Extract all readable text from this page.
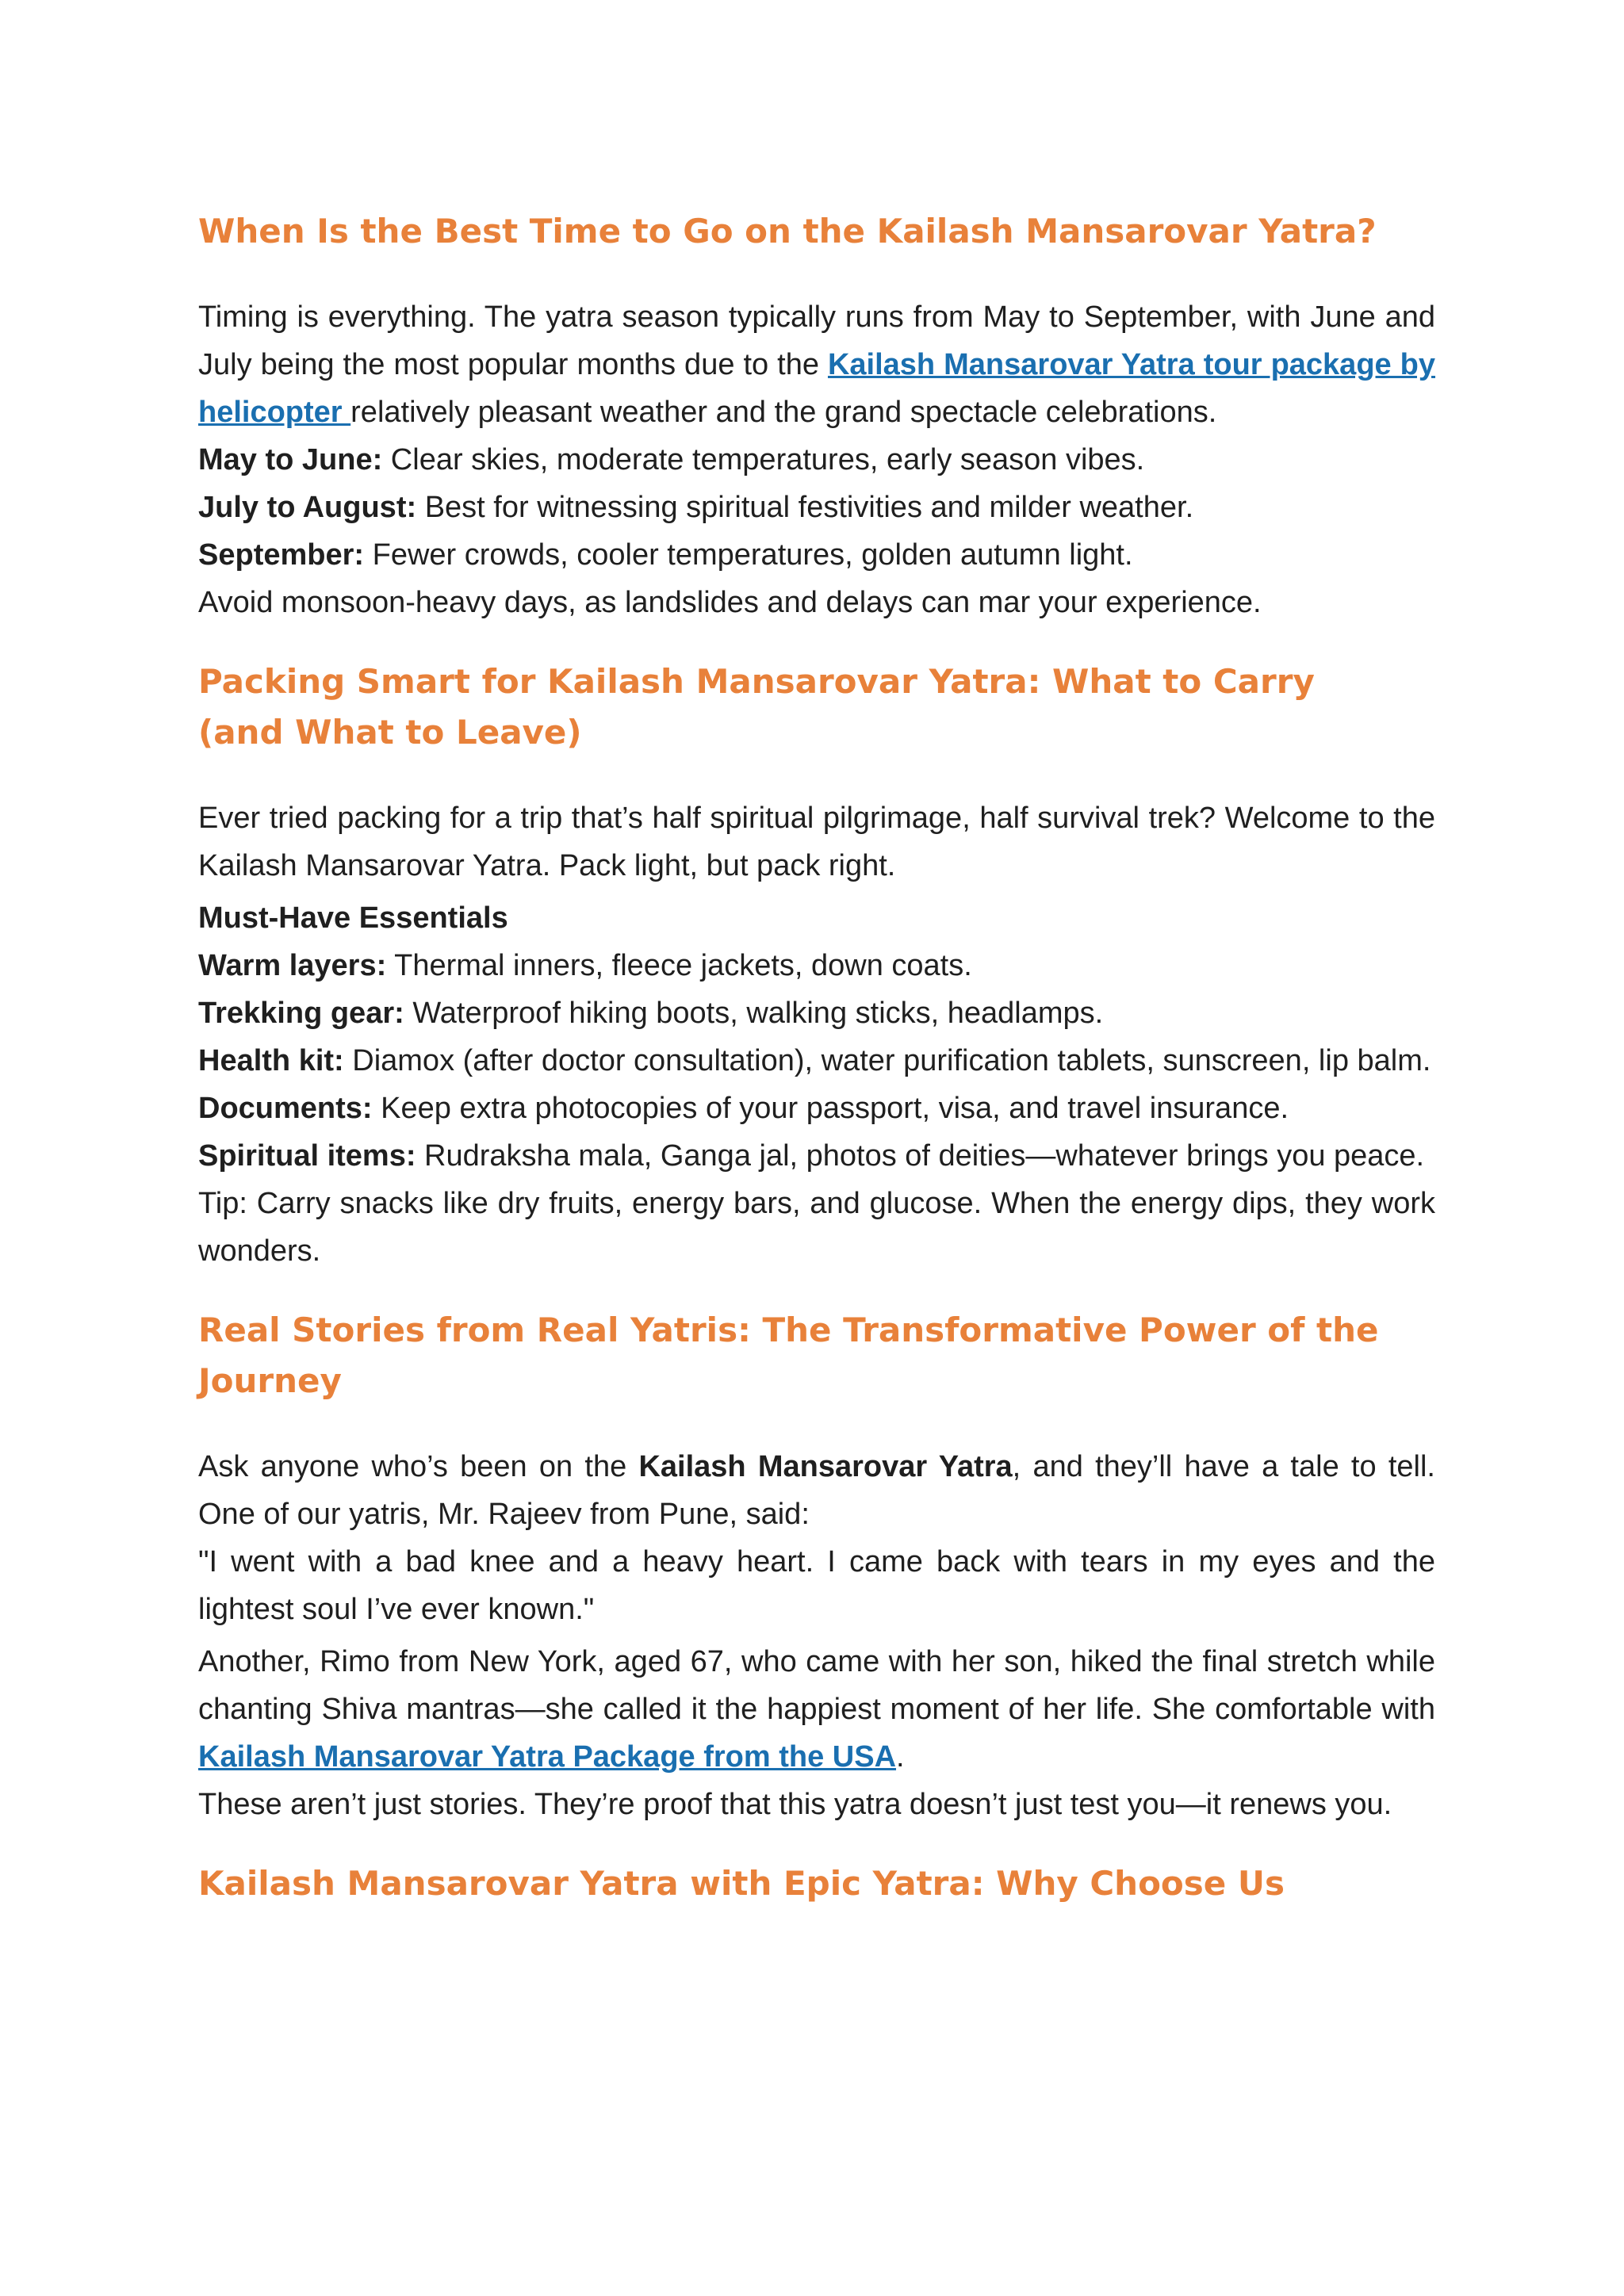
When Is the Best Time to Go on the Kailash Mansarovar Yatra?

Timing is everything. The yatra season typically runs from May to September, with June and July being the most popular months due to the Kailash Mansarovar Yatra tour package by helicopter relatively pleasant weather and the grand spectacle celebrations.

May to June: Clear skies, moderate temperatures, early season vibes.

July to August: Best for witnessing spiritual festivities and milder weather.

September: Fewer crowds, cooler temperatures, golden autumn light.

Avoid monsoon-heavy days, as landslides and delays can mar your experience.

Packing Smart for Kailash Mansarovar Yatra: What to Carry (and What to Leave)

Ever tried packing for a trip that’s half spiritual pilgrimage, half survival trek? Welcome to the Kailash Mansarovar Yatra. Pack light, but pack right.

Must-Have Essentials

Warm layers: Thermal inners, fleece jackets, down coats.

Trekking gear: Waterproof hiking boots, walking sticks, headlamps.

Health kit: Diamox (after doctor consultation), water purification tablets, sunscreen, lip balm.

Documents: Keep extra photocopies of your passport, visa, and travel insurance.

Spiritual items: Rudraksha mala, Ganga jal, photos of deities—whatever brings you peace.

Tip: Carry snacks like dry fruits, energy bars, and glucose. When the energy dips, they work wonders.

Real Stories from Real Yatris: The Transformative Power of the Journey

Ask anyone who’s been on the Kailash Mansarovar Yatra, and they’ll have a tale to tell. One of our yatris, Mr. Rajeev from Pune, said:

"I went with a bad knee and a heavy heart. I came back with tears in my eyes and the lightest soul I’ve ever known."

Another, Rimo from New York, aged 67, who came with her son, hiked the final stretch while chanting Shiva mantras—she called it the happiest moment of her life. She comfortable with Kailash Mansarovar Yatra Package from the USA.

These aren’t just stories. They’re proof that this yatra doesn’t just test you—it renews you.

Kailash Mansarovar Yatra with Epic Yatra: Why Choose Us
